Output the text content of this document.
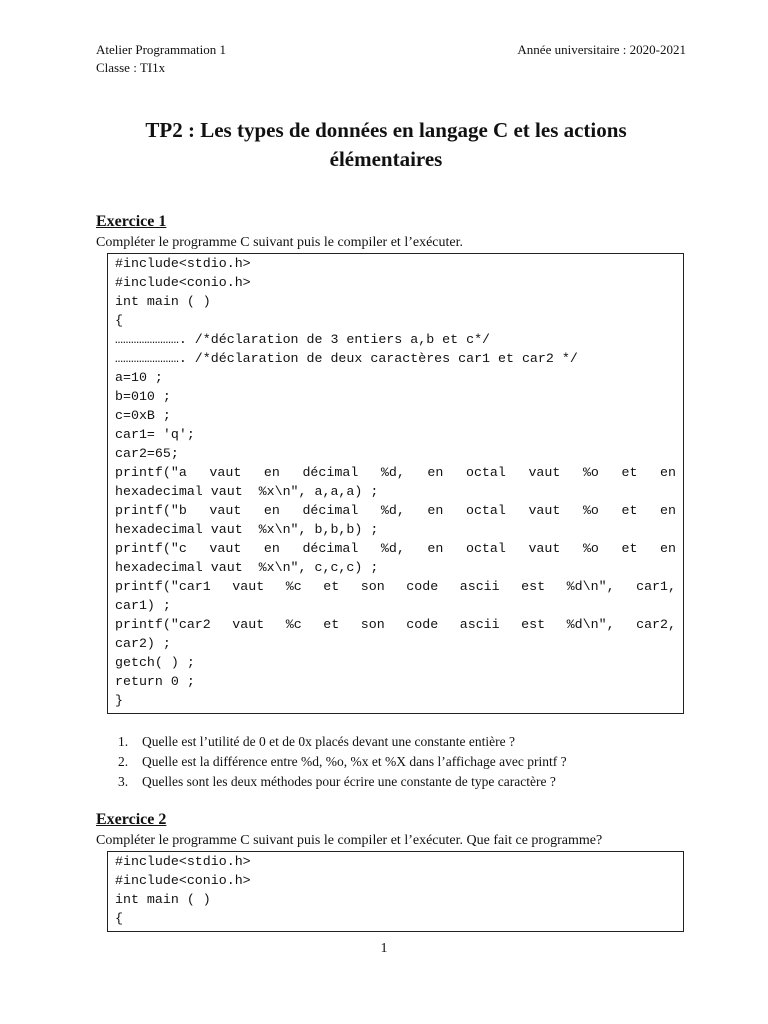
Atelier Programmation 1
Classe : TI1x
Année universitaire : 2020-2021
TP2 : Les types de données en langage C et les actions
élémentaires
Exercice 1
Compléter le programme C suivant puis le compiler et l’exécuter.
#include<stdio.h>
#include<conio.h>
int main ( )
{
……………………. /*déclaration de 3 entiers a,b et c*/
……………………. /*déclaration de deux caractères car1 et car2 */
a=10 ;
b=010 ;
c=0xB ;
car1= 'q';
car2=65;
printf("a vaut en décimal %d, en octal vaut %o et en
hexadecimal vaut  %x\n", a,a,a) ;
printf("b vaut en décimal %d, en octal vaut %o et en
hexadecimal vaut  %x\n", b,b,b) ;
printf("c vaut en décimal %d, en octal vaut %o et en
hexadecimal vaut  %x\n", c,c,c) ;
printf("car1 vaut %c et son code ascii est %d\n", car1,
car1) ;
printf("car2 vaut %c et son code ascii est %d\n", car2,
car2) ;
getch( ) ;
return 0 ;
}
1.	Quelle est l’utilité de 0 et de 0x placés devant une constante entière ?
2.	Quelle est la différence entre %d, %o, %x et %X dans l’affichage avec printf ?
3.	Quelles sont les deux méthodes pour écrire une constante de type caractère ?
Exercice 2
Compléter le programme C suivant puis le compiler et l’exécuter. Que fait ce programme?
#include<stdio.h>
#include<conio.h>
int main ( )
{
1
